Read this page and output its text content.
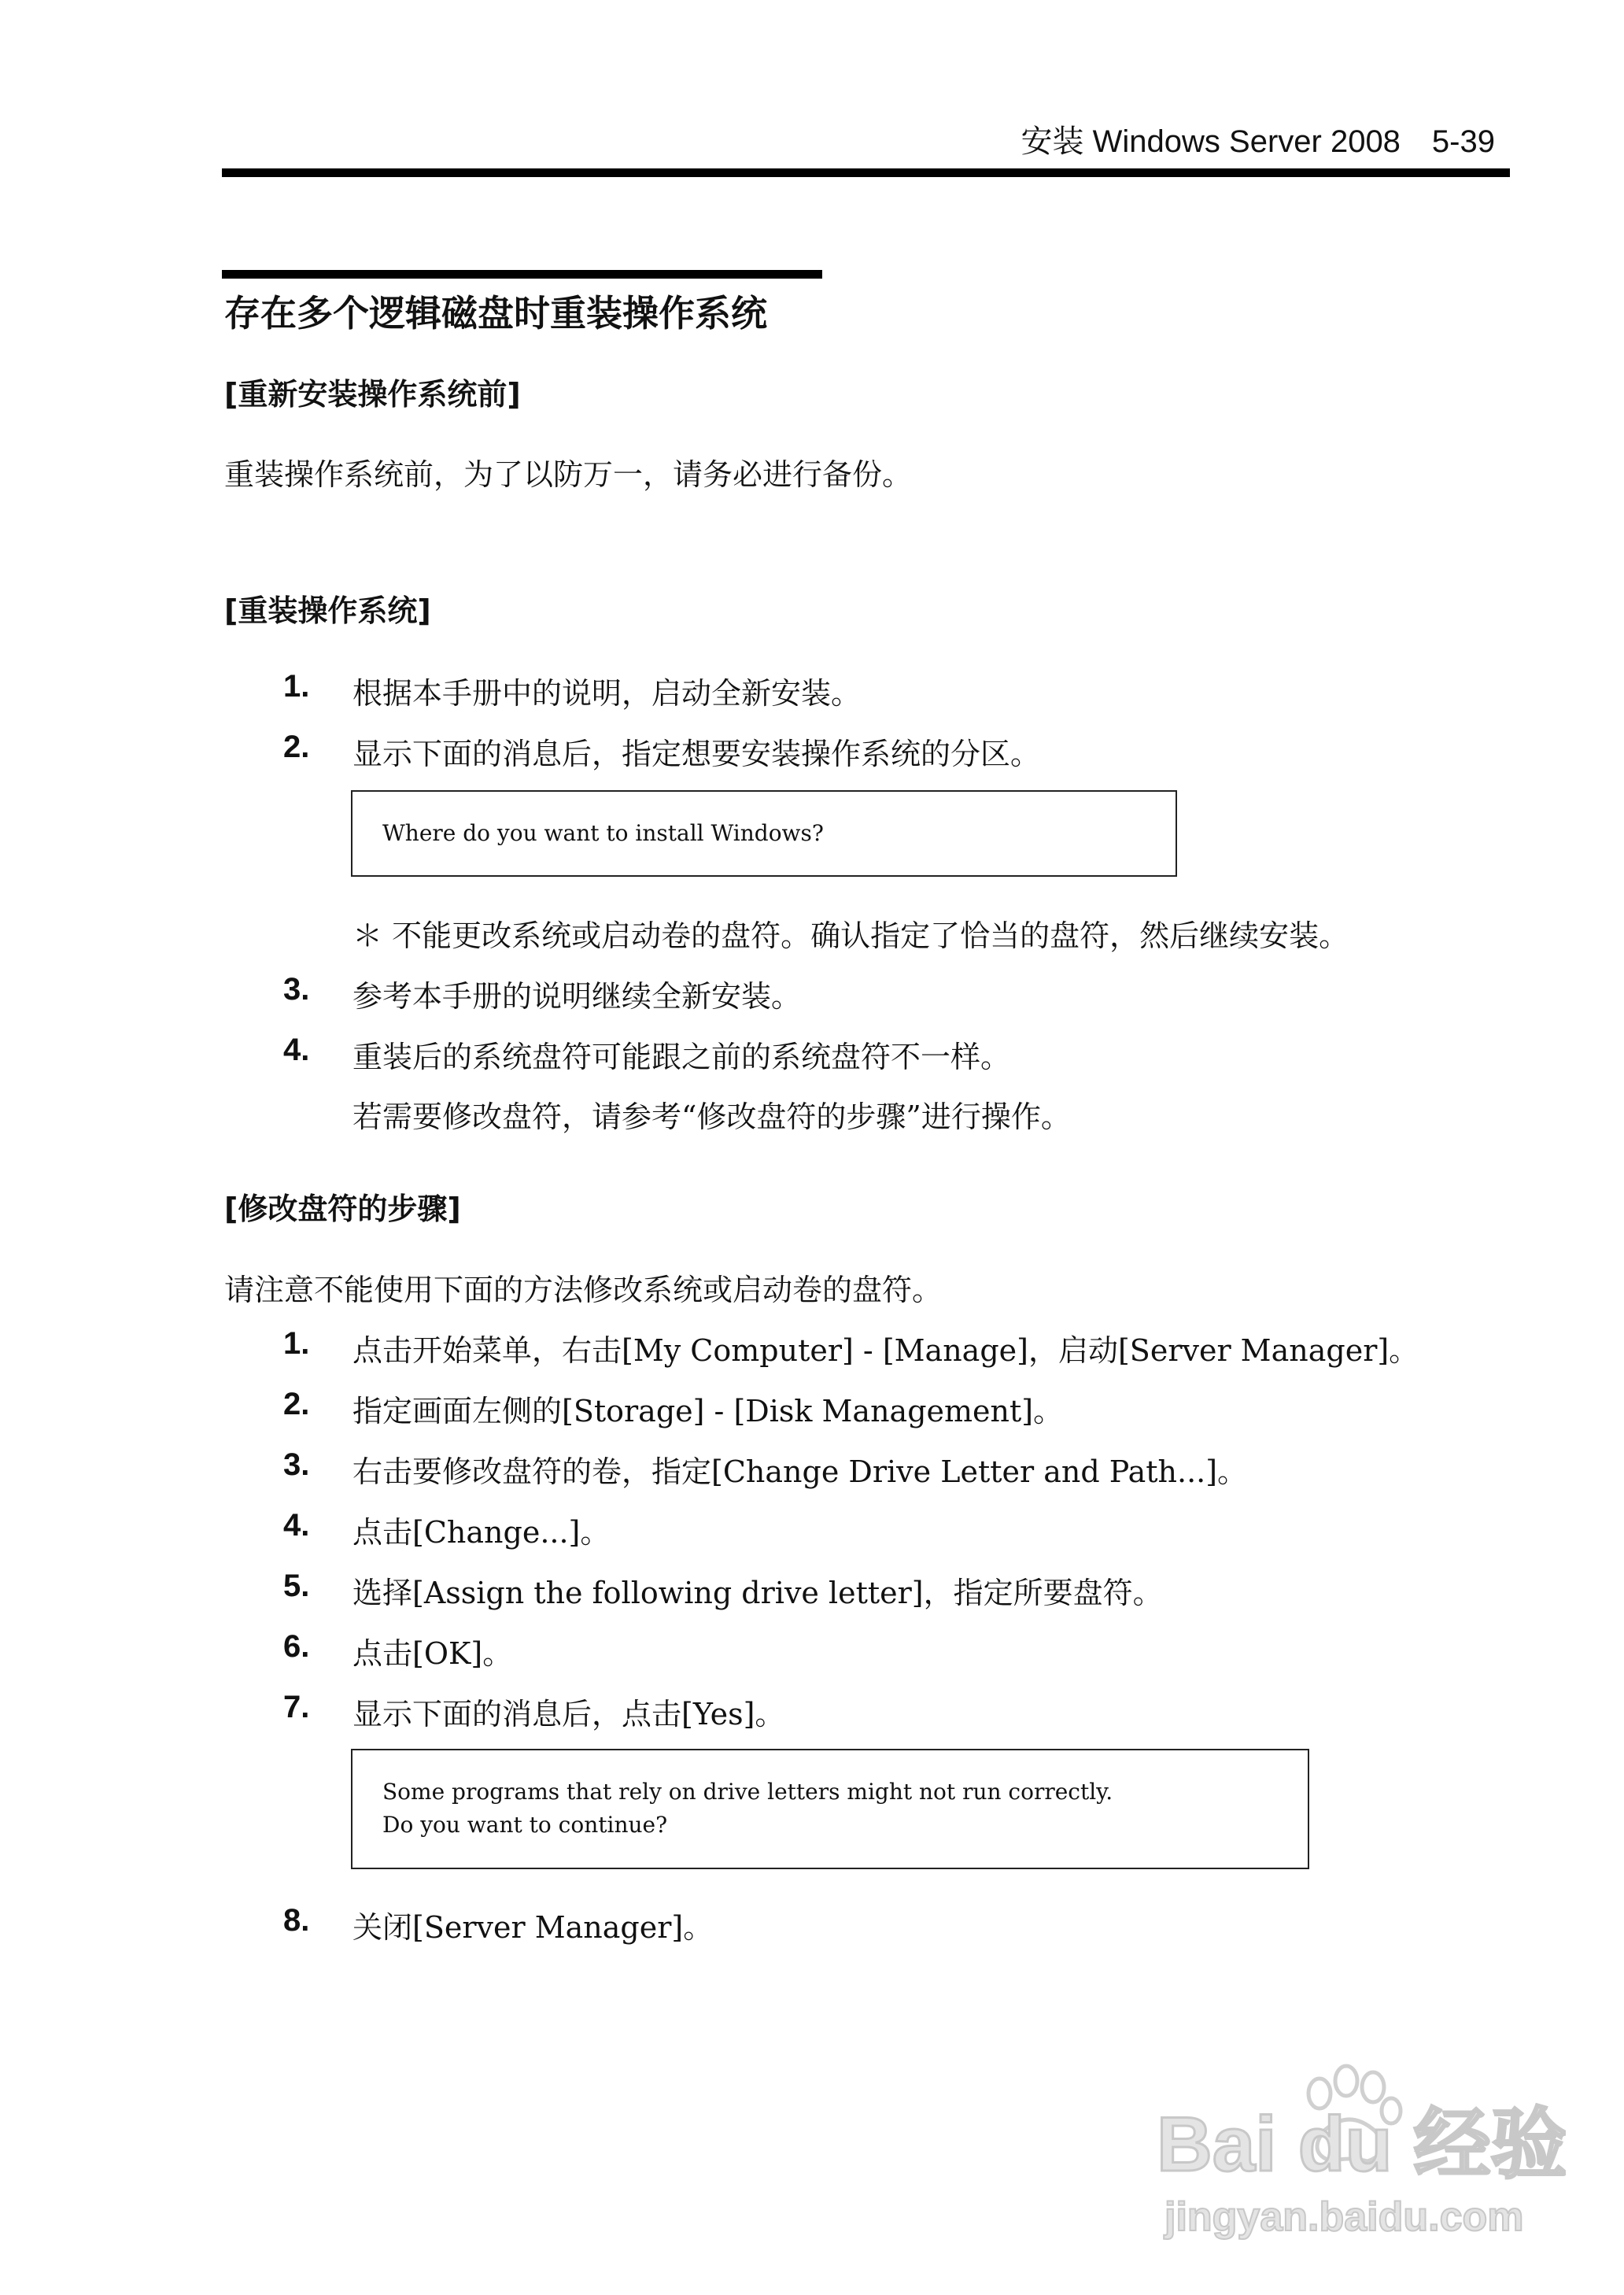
安装 Windows Server 2008　5-39
存在多个逻辑磁盘时重装操作系统
[重新安装操作系统前]
重装操作系统前，为了以防万一，请务必进行备份。
[重装操作系统]
1. 根据本手册中的说明，启动全新安装。
2. 显示下面的消息后，指定想要安装操作系统的分区。
Where do you want to install Windows?
＊ 不能更改系统或启动卷的盘符。确认指定了恰当的盘符，然后继续安装。
3. 参考本手册的说明继续全新安装。
4. 重装后的系统盘符可能跟之前的系统盘符不一样。
若需要修改盘符，请参考“修改盘符的步骤”进行操作。
[修改盘符的步骤]
请注意不能使用下面的方法修改系统或启动卷的盘符。
1. 点击开始菜单，右击[My Computer] - [Manage]，启动[Server Manager]。
2. 指定画面左侧的[Storage] - [Disk Management]。
3. 右击要修改盘符的卷，指定[Change Drive Letter and Path...]。
4. 点击[Change...]。
5. 选择[Assign the following drive letter]，指定所要盘符。
6. 点击[OK]。
7. 显示下面的消息后，点击[Yes]。
Some programs that rely on drive letters might not run correctly.
Do you want to continue?
8. 关闭[Server Manager]。
Bai du 经验
jingyan.baidu.com
